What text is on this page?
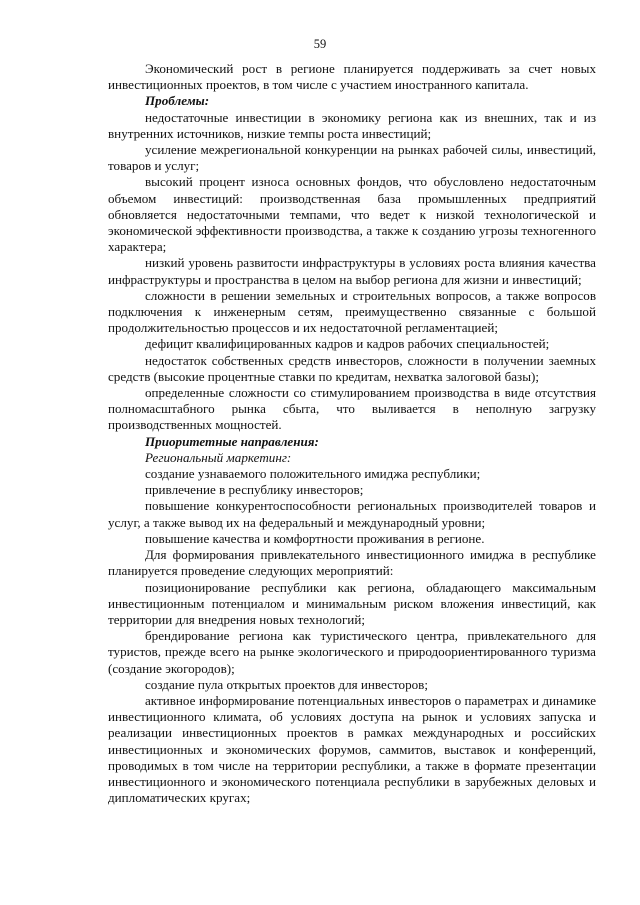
59

Экономический рост в регионе планируется поддерживать за счет новых инвестиционных проектов, в том числе с участием иностранного капитала.

Проблемы:

недостаточные инвестиции в экономику региона как из внешних, так и из внутренних источников, низкие темпы роста инвестиций;

усиление межрегиональной конкуренции на рынках рабочей силы, инвестиций, товаров и услуг;

высокий процент износа основных фондов, что обусловлено недостаточным объемом инвестиций: производственная база промышленных предприятий обновляется недостаточными темпами, что ведет к низкой технологической и экономической эффективности производства, а также к созданию угрозы техногенного характера;

низкий уровень развитости инфраструктуры в условиях роста влияния качества инфраструктуры и пространства в целом на выбор региона для жизни и инвестиций;

сложности в решении земельных и строительных вопросов, а также вопросов подключения к инженерным сетям, преимущественно связанные с большой продолжительностью процессов и их недостаточной регламентацией;

дефицит квалифицированных кадров и кадров рабочих специальностей;

недостаток собственных средств инвесторов, сложности в получении заемных средств (высокие процентные ставки по кредитам, нехватка залоговой базы);

определенные сложности со стимулированием производства в виде отсутствия полномасштабного рынка сбыта, что выливается в неполную загрузку производственных мощностей.

Приоритетные направления:

Региональный маркетинг:

создание узнаваемого положительного имиджа республики;

привлечение в республику инвесторов;

повышение конкурентоспособности региональных производителей товаров и услуг, а также вывод их на федеральный и международный уровни;

повышение качества и комфортности проживания в регионе.

Для формирования привлекательного инвестиционного имиджа в республике планируется проведение следующих мероприятий:

позиционирование республики как региона, обладающего максимальным инвестиционным потенциалом и минимальным риском вложения инвестиций, как территории для внедрения новых технологий;

брендирование региона как туристического центра, привлекательного для туристов, прежде всего на рынке экологического и природоориентированного туризма (создание экогородов);

создание пула открытых проектов для инвесторов;

активное информирование потенциальных инвесторов о параметрах и динамике инвестиционного климата, об условиях доступа на рынок и условиях запуска и реализации инвестиционных проектов в рамках международных и российских инвестиционных и экономических форумов, саммитов, выставок и конференций, проводимых в том числе на территории республики, а также в формате презентации инвестиционного и экономического потенциала республики в зарубежных деловых и дипломатических кругах;
